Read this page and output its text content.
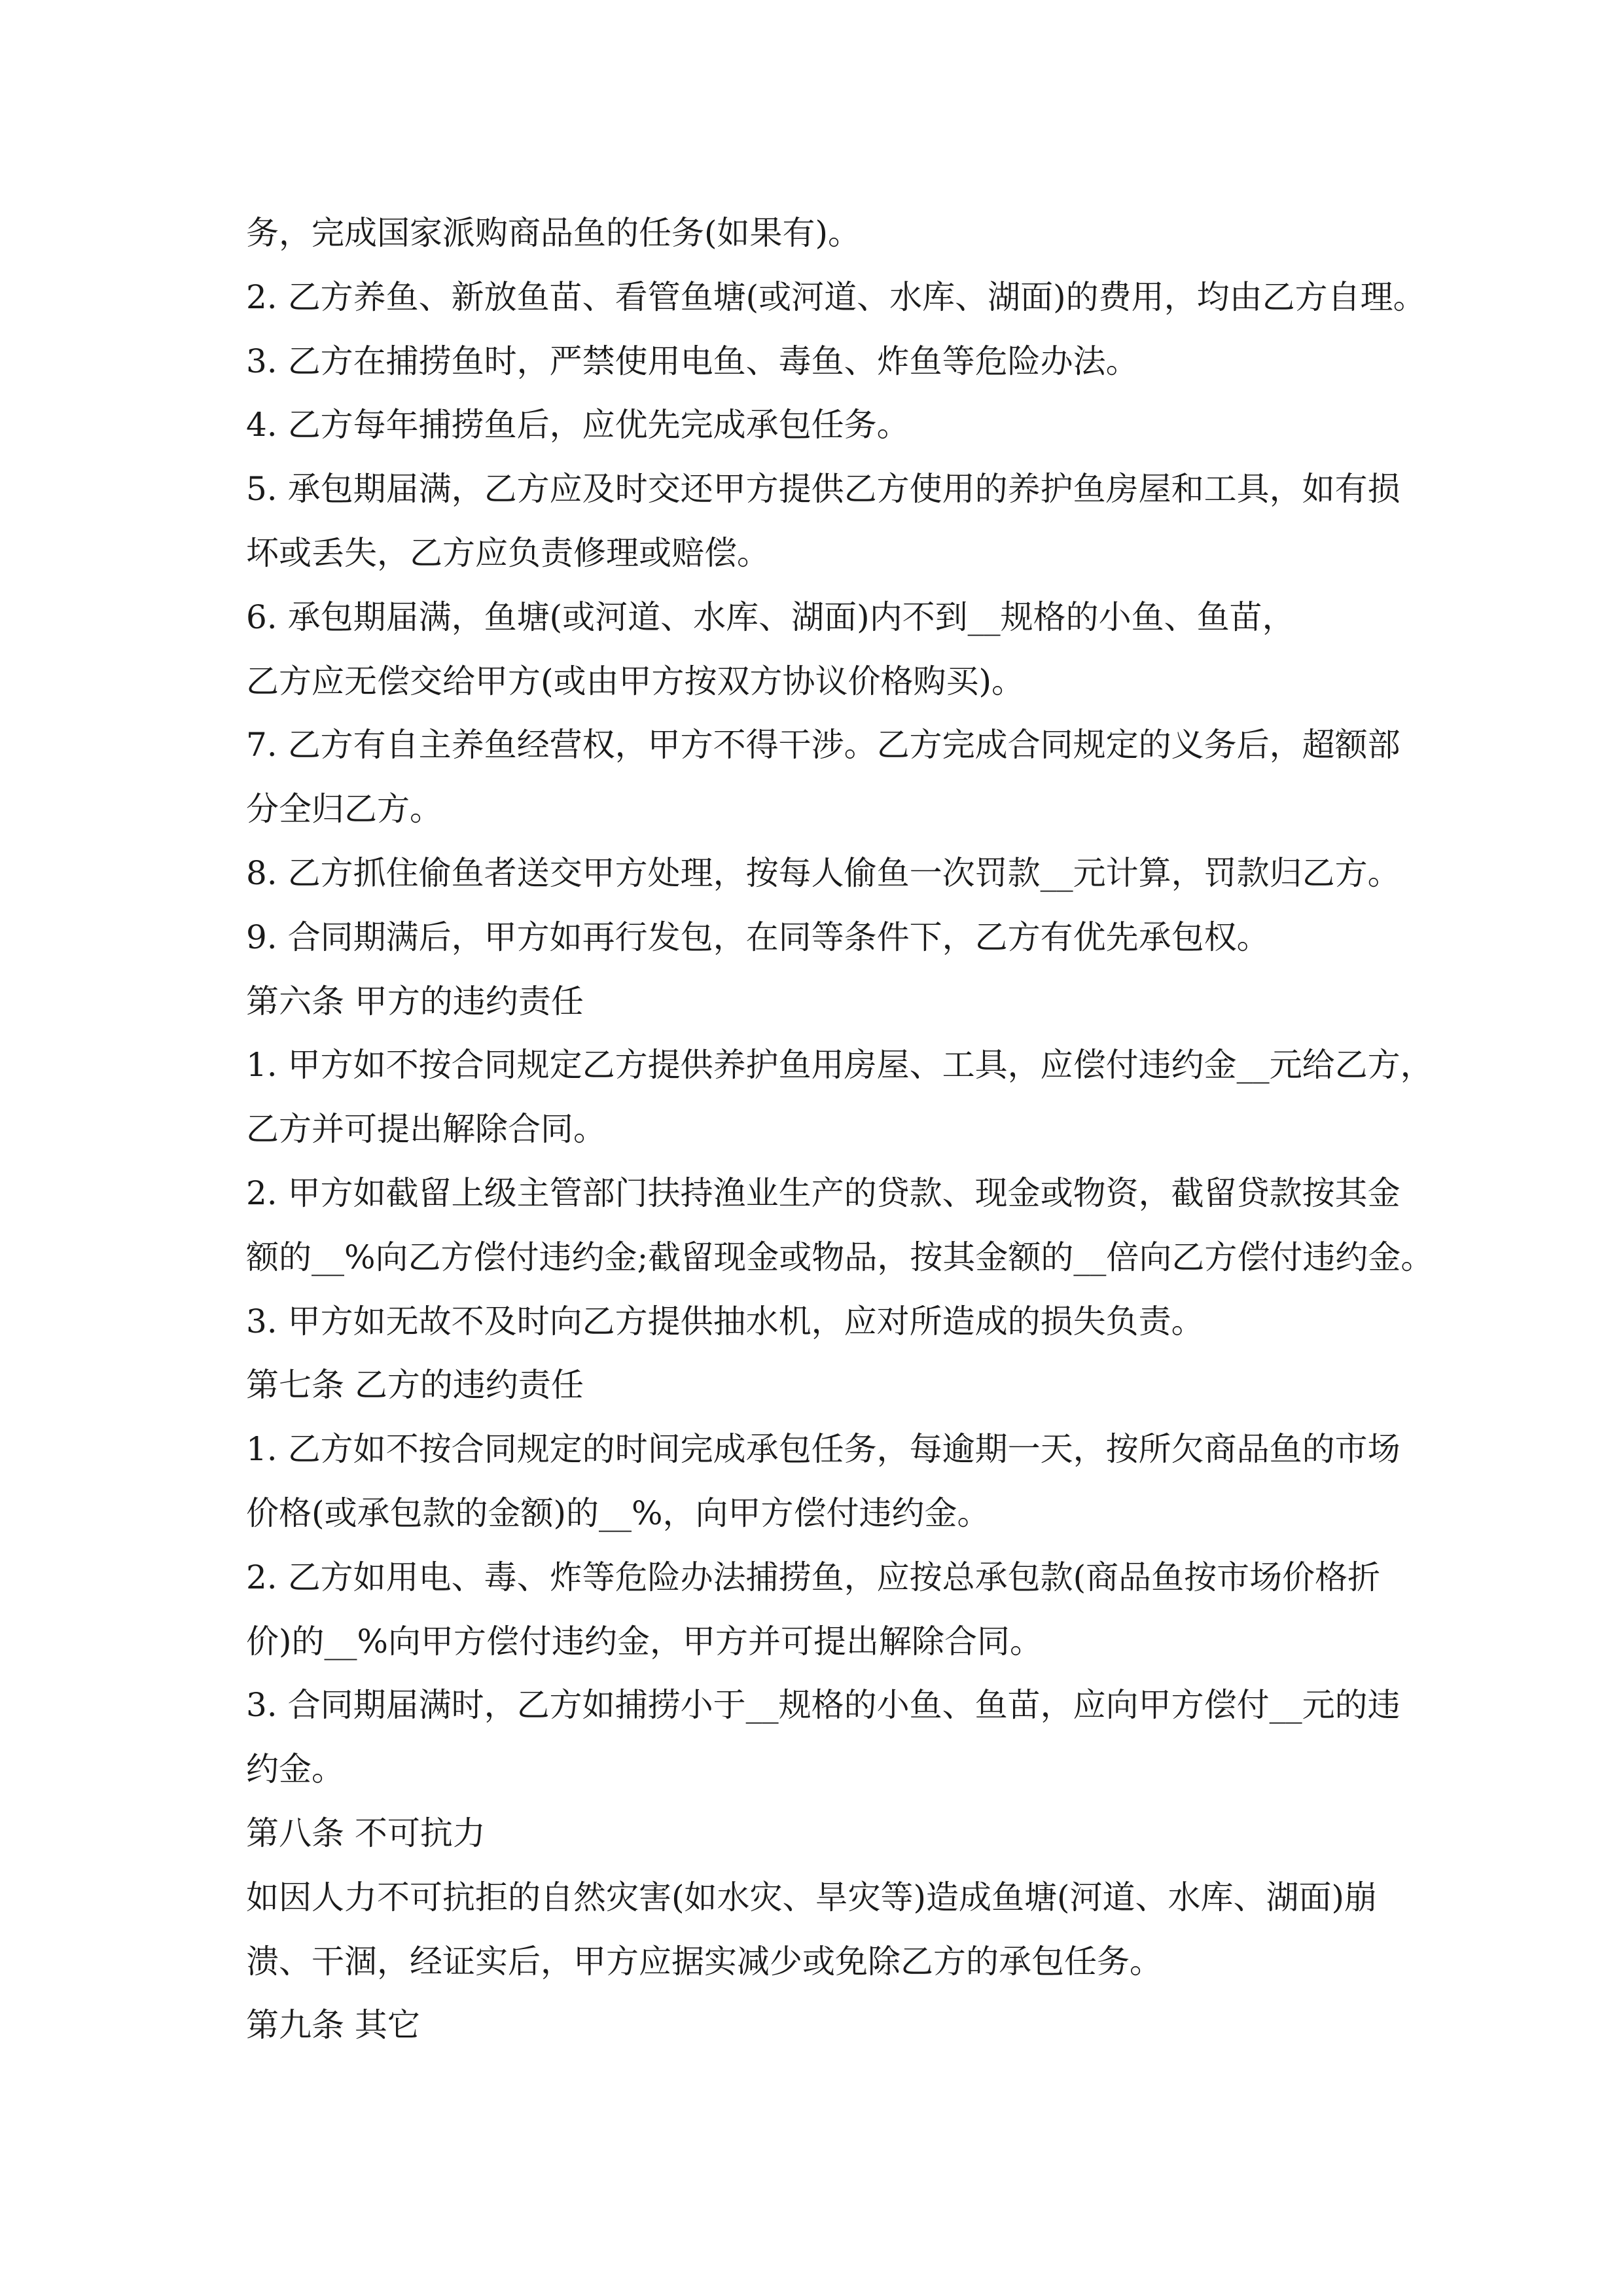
务，完成国家派购商品鱼的任务(如果有)。
2. 乙方养鱼、新放鱼苗、看管鱼塘(或河道、水库、湖面)的费用，均由乙方自理。
3. 乙方在捕捞鱼时，严禁使用电鱼、毒鱼、炸鱼等危险办法。
4. 乙方每年捕捞鱼后，应优先完成承包任务。
5. 承包期届满，乙方应及时交还甲方提供乙方使用的养护鱼房屋和工具，如有损
坏或丢失，乙方应负责修理或赔偿。
6. 承包期届满，鱼塘(或河道、水库、湖面)内不到__规格的小鱼、鱼苗，
乙方应无偿交给甲方(或由甲方按双方协议价格购买)。
7. 乙方有自主养鱼经营权，甲方不得干涉。乙方完成合同规定的义务后，超额部
分全归乙方。
8. 乙方抓住偷鱼者送交甲方处理，按每人偷鱼一次罚款__元计算，罚款归乙方。
9. 合同期满后，甲方如再行发包，在同等条件下，乙方有优先承包权。
第六条 甲方的违约责任
1. 甲方如不按合同规定乙方提供养护鱼用房屋、工具，应偿付违约金__元给乙方，
乙方并可提出解除合同。
2. 甲方如截留上级主管部门扶持渔业生产的贷款、现金或物资，截留贷款按其金
额的__%向乙方偿付违约金;截留现金或物品，按其金额的__倍向乙方偿付违约金。
3. 甲方如无故不及时向乙方提供抽水机，应对所造成的损失负责。
第七条 乙方的违约责任
1. 乙方如不按合同规定的时间完成承包任务，每逾期一天，按所欠商品鱼的市场
价格(或承包款的金额)的__%，向甲方偿付违约金。
2. 乙方如用电、毒、炸等危险办法捕捞鱼，应按总承包款(商品鱼按市场价格折
价)的__%向甲方偿付违约金，甲方并可提出解除合同。
3. 合同期届满时，乙方如捕捞小于__规格的小鱼、鱼苗，应向甲方偿付__元的违
约金。
第八条 不可抗力
如因人力不可抗拒的自然灾害(如水灾、旱灾等)造成鱼塘(河道、水库、湖面)崩
溃、干涸，经证实后，甲方应据实减少或免除乙方的承包任务。
第九条 其它
